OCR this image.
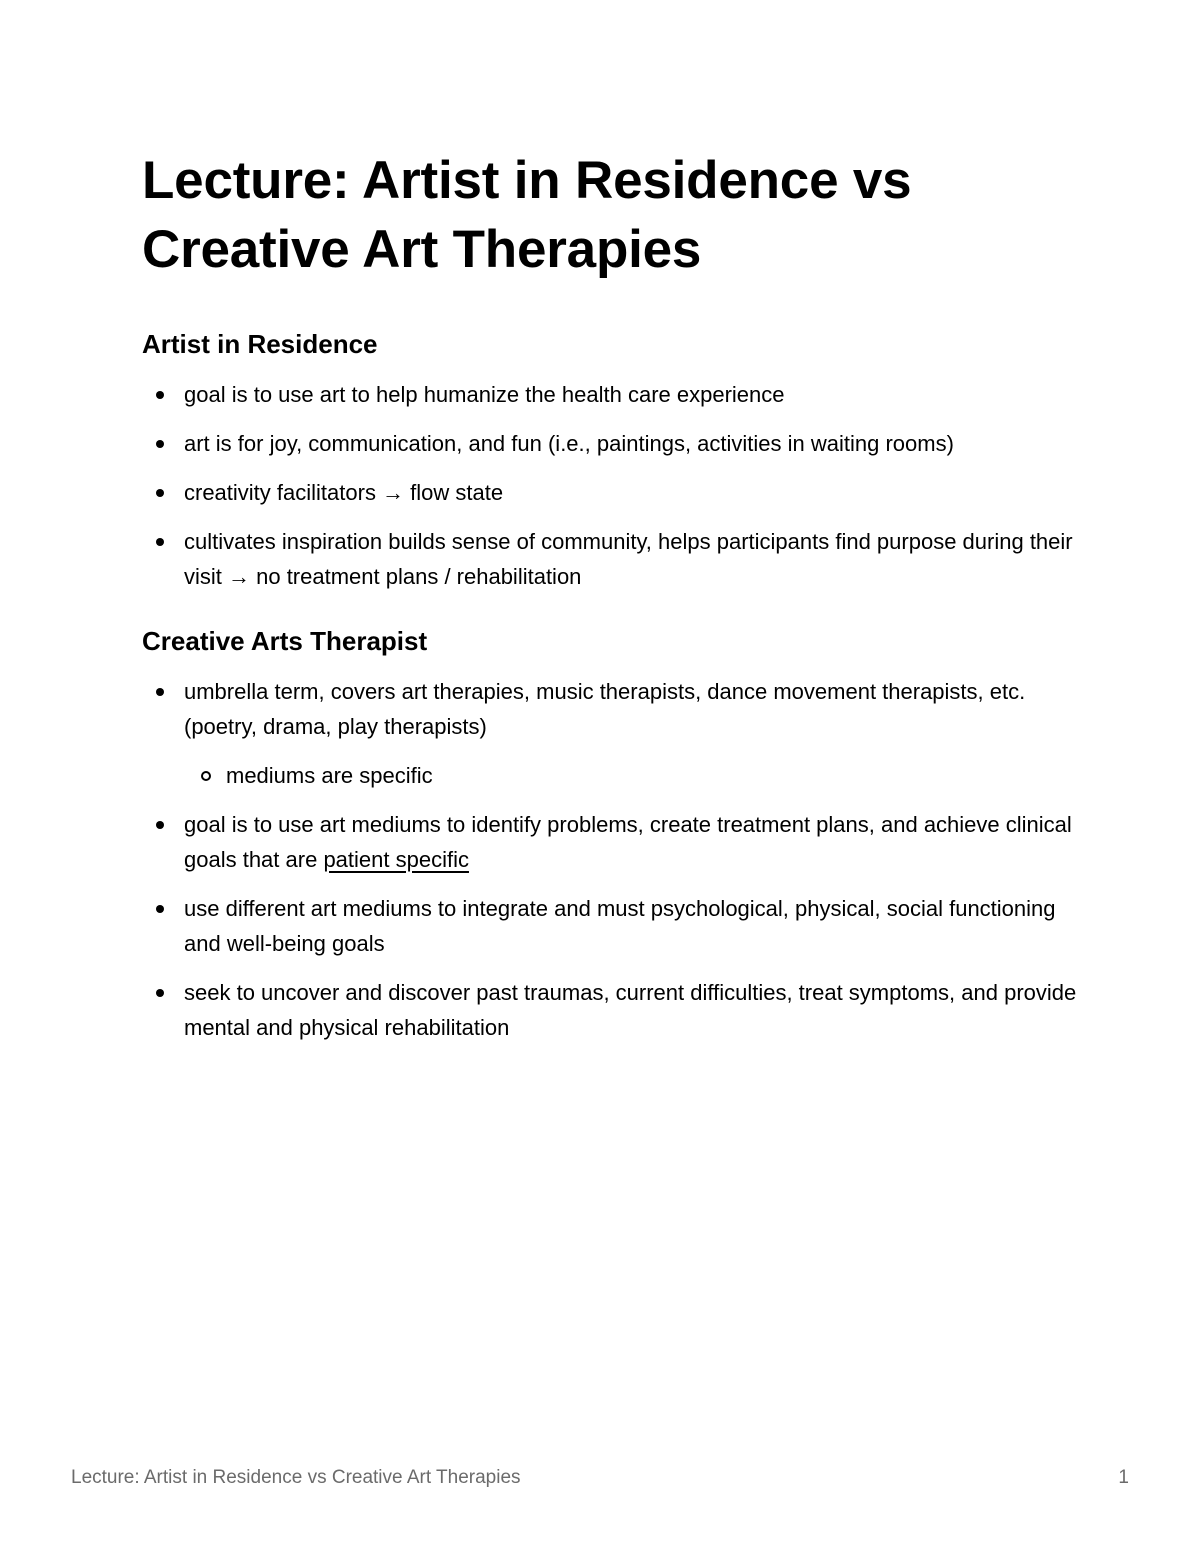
Lecture: Artist in Residence vs Creative Art Therapies
Artist in Residence
goal is to use art to help humanize the health care experience
art is for joy, communication, and fun (i.e., paintings, activities in waiting rooms)
creativity facilitators → flow state
cultivates inspiration builds sense of community, helps participants find purpose during their visit → no treatment plans / rehabilitation
Creative Arts Therapist
umbrella term, covers art therapies, music therapists, dance movement therapists, etc. (poetry, drama, play therapists)
mediums are specific
goal is to use art mediums to identify problems, create treatment plans, and achieve clinical goals that are patient specific
use different art mediums to integrate and must psychological, physical, social functioning and well-being goals
seek to uncover and discover past traumas, current difficulties, treat symptoms, and provide mental and physical rehabilitation
Lecture: Artist in Residence vs Creative Art Therapies	1
